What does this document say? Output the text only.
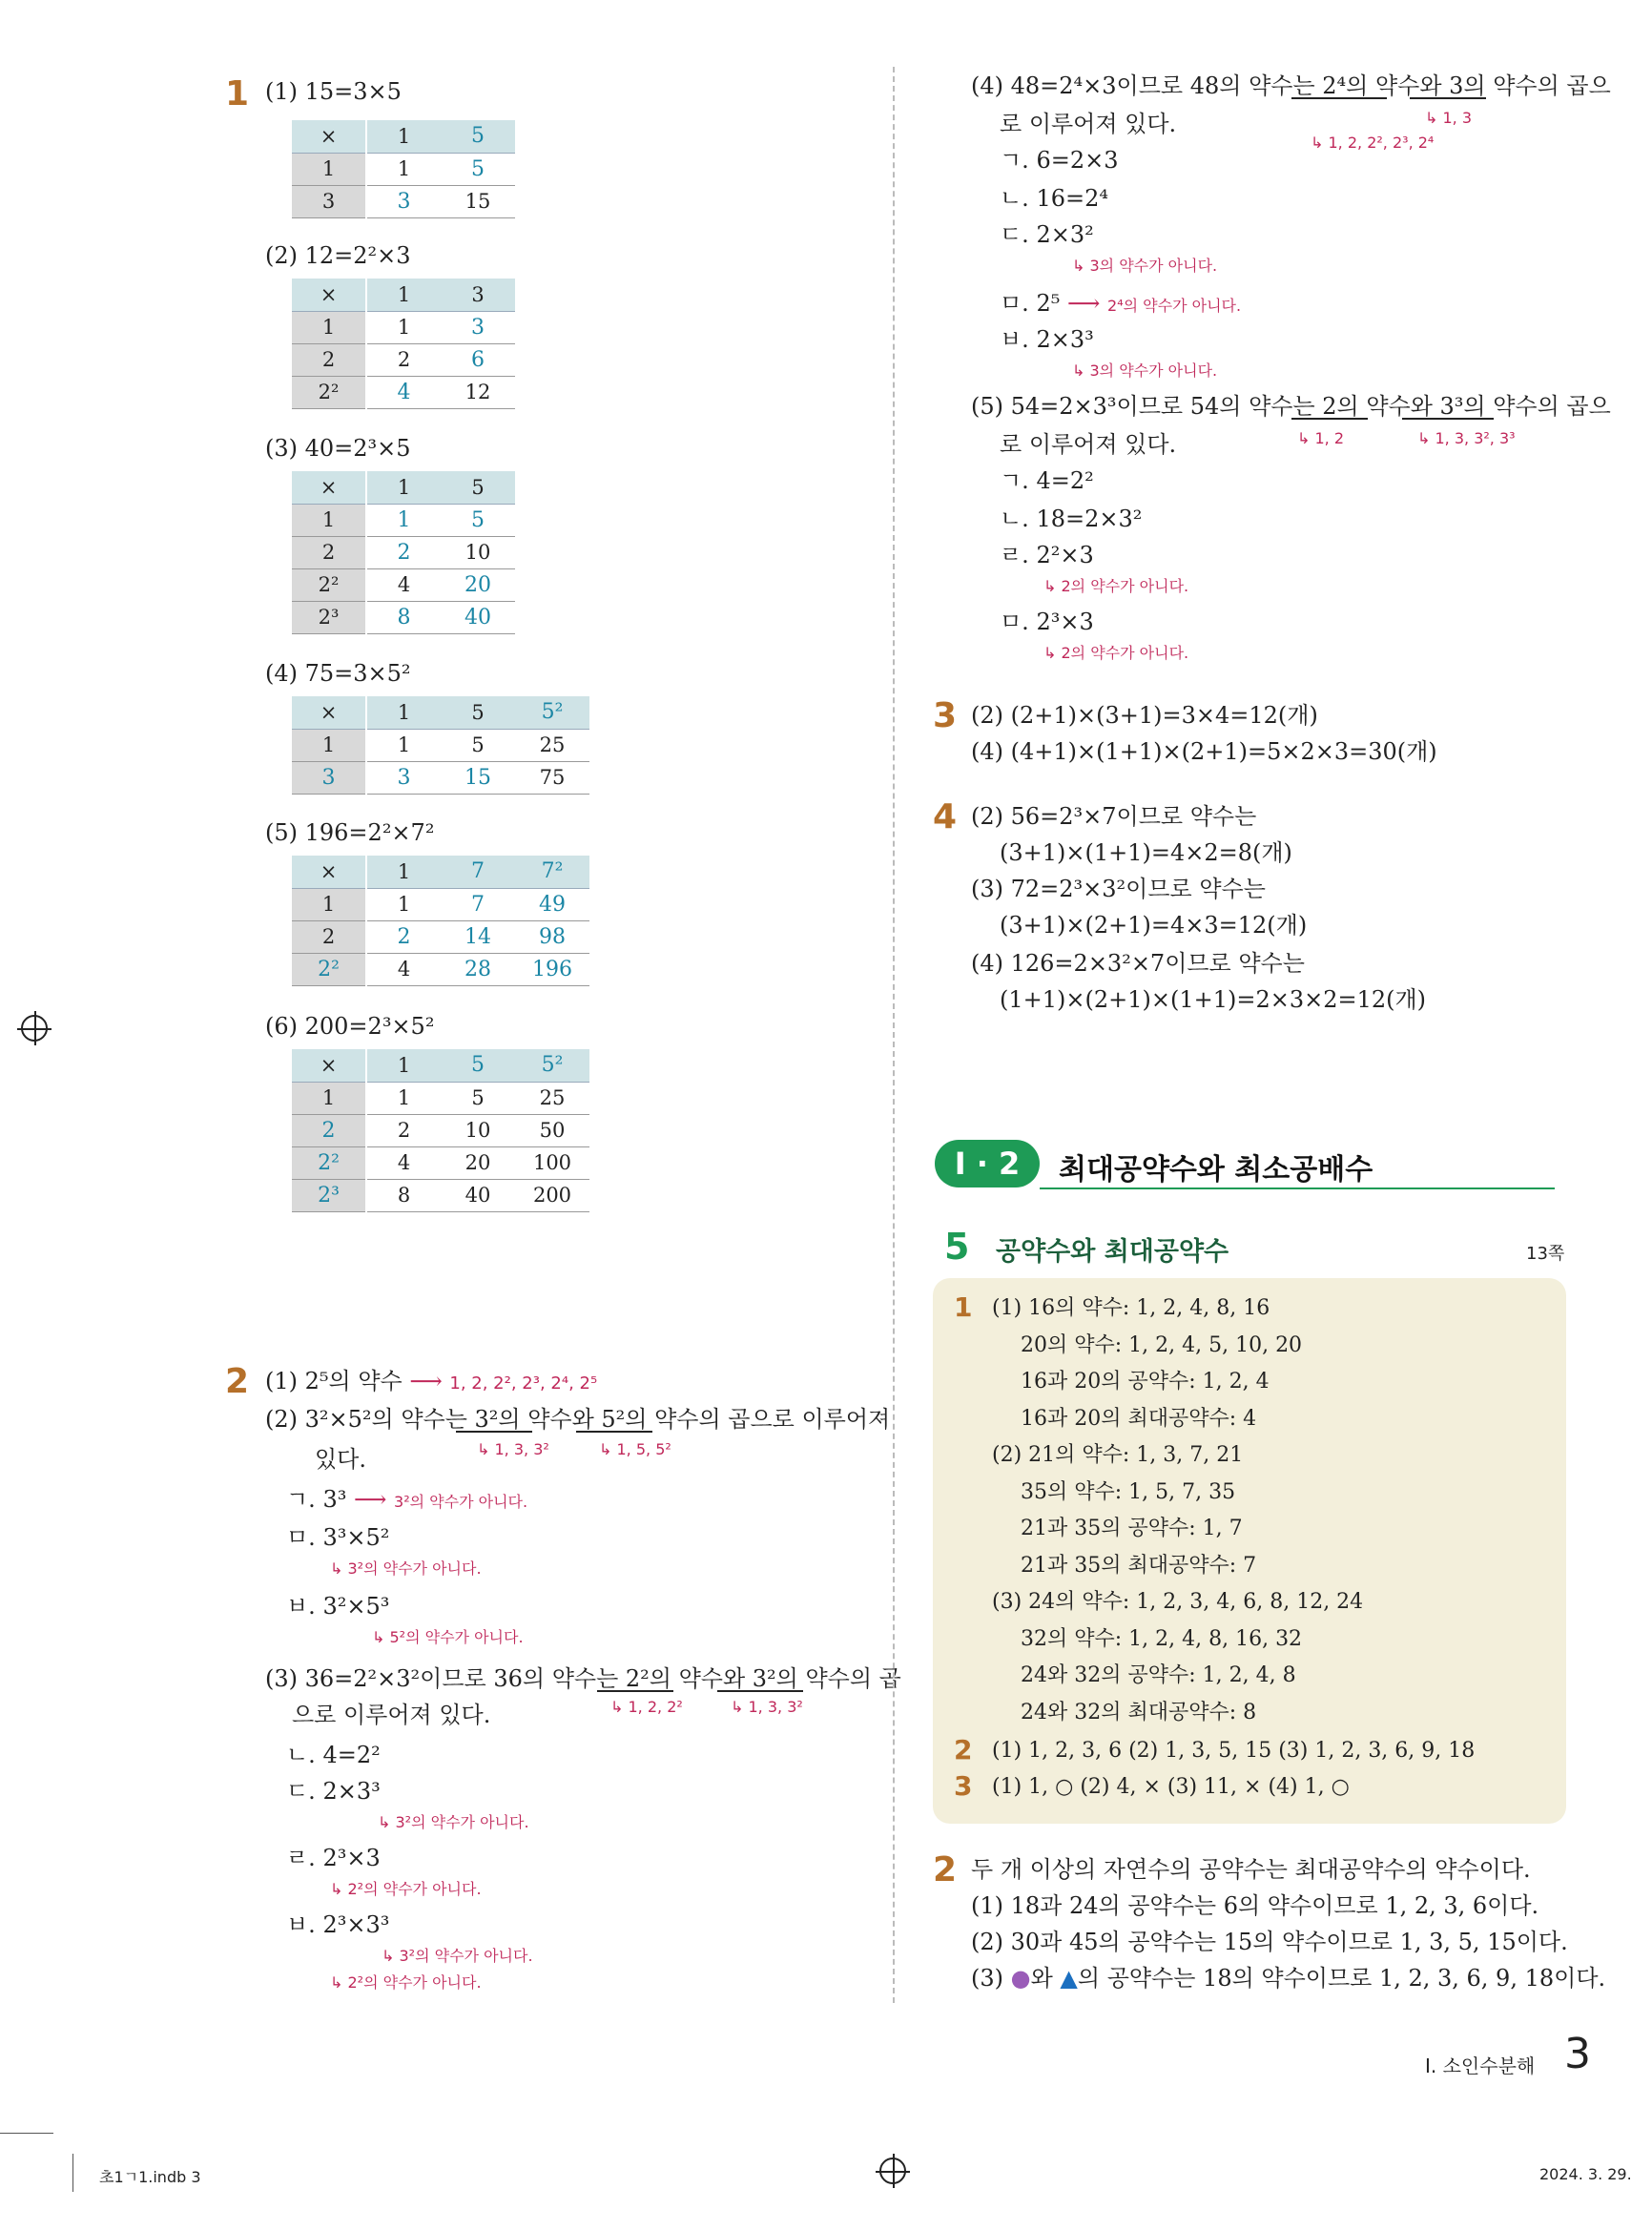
1 (1) 15=3×5
×	1	5
1	1	5
3	3	15
(2) 12=2²×3
×	1	3
1	1	3
2	2	6
2²	4	12
(3) 40=2³×5
×	1	5
1	1	5
2	2	10
2²	4	20
2³	8	40
(4) 75=3×5²
×	1	5	5²
1	1	5	25
3	3	15	75
(5) 196=2²×7²
×	1	7	7²
1	1	7	49
2	2	14	98
2²	4	28	196
(6) 200=2³×5²
×	1	5	5²
1	1	5	25
2	2	10	50
2²	4	20	100
2³	8	40	200
2 (1) 2⁵의 약수 ⟶ 1, 2, 2², 2³, 2⁴, 2⁵
(2) 3²×5²의 약수는 3²의 약수와 5²의 약수의 곱으로 이루어져
있다.	↳ 1, 3, 3²	↳ 1, 5, 5²
ㄱ. 3³ ⟶ 3²의 약수가 아니다.
ㅁ. 3³×5²
↳ 3²의 약수가 아니다.
ㅂ. 3²×5³
↳ 5²의 약수가 아니다.
(3) 36=2²×3²이므로 36의 약수는 2²의 약수와 3²의 약수의 곱
으로 이루어져 있다.	↳ 1, 2, 2²	↳ 1, 3, 3²
ㄴ. 4=2²
ㄷ. 2×3³
↳ 3²의 약수가 아니다.
ㄹ. 2³×3
↳ 2²의 약수가 아니다.
ㅂ. 2³×3³
↳ 3²의 약수가 아니다.
↳ 2²의 약수가 아니다.
(4) 48=2⁴×3이므로 48의 약수는 2⁴의 약수와 3의 약수의 곱으
로 이루어져 있다.
↳ 1, 2, 2², 2³, 2⁴
↳ 1, 3
ㄱ. 6=2×3
ㄴ. 16=2⁴
ㄷ. 2×3²
↳ 3의 약수가 아니다.
ㅁ. 2⁵ ⟶ 2⁴의 약수가 아니다.
ㅂ. 2×3³
↳ 3의 약수가 아니다.
(5) 54=2×3³이므로 54의 약수는 2의 약수와 3³의 약수의 곱으
로 이루어져 있다.	↳ 1, 2	↳ 1, 3, 3², 3³
ㄱ. 4=2²
ㄴ. 18=2×3²
ㄹ. 2²×3
↳ 2의 약수가 아니다.
ㅁ. 2³×3
↳ 2의 약수가 아니다.
3 (2) (2+1)×(3+1)=3×4=12(개)
(4) (4+1)×(1+1)×(2+1)=5×2×3=30(개)
4 (2) 56=2³×7이므로 약수는
(3+1)×(1+1)=4×2=8(개)
(3) 72=2³×3²이므로 약수는
(3+1)×(2+1)=4×3=12(개)
(4) 126=2×3²×7이므로 약수는
(1+1)×(2+1)×(1+1)=2×3×2=12(개)
I · 2	최대공약수와 최소공배수
5 공약수와 최대공약수	13쪽
1 (1) 16의 약수: 1, 2, 4, 8, 16
20의 약수: 1, 2, 4, 5, 10, 20
16과 20의 공약수: 1, 2, 4
16과 20의 최대공약수: 4
(2) 21의 약수: 1, 3, 7, 21
35의 약수: 1, 5, 7, 35
21과 35의 공약수: 1, 7
21과 35의 최대공약수: 7
(3) 24의 약수: 1, 2, 3, 4, 6, 8, 12, 24
32의 약수: 1, 2, 4, 8, 16, 32
24와 32의 공약수: 1, 2, 4, 8
24와 32의 최대공약수: 8
2 (1) 1, 2, 3, 6 (2) 1, 3, 5, 15 (3) 1, 2, 3, 6, 9, 18
3 (1) 1, ○ (2) 4, × (3) 11, × (4) 1, ○
2 두 개 이상의 자연수의 공약수는 최대공약수의 약수이다.
(1) 18과 24의 공약수는 6의 약수이므로 1, 2, 3, 6이다.
(2) 30과 45의 공약수는 15의 약수이므로 1, 3, 5, 15이다.
(3) ●와 ▲의 공약수는 18의 약수이므로 1, 2, 3, 6, 9, 18이다.
I. 소인수분해 3
초1ㄱ1.indb 3	2024. 3. 29.
